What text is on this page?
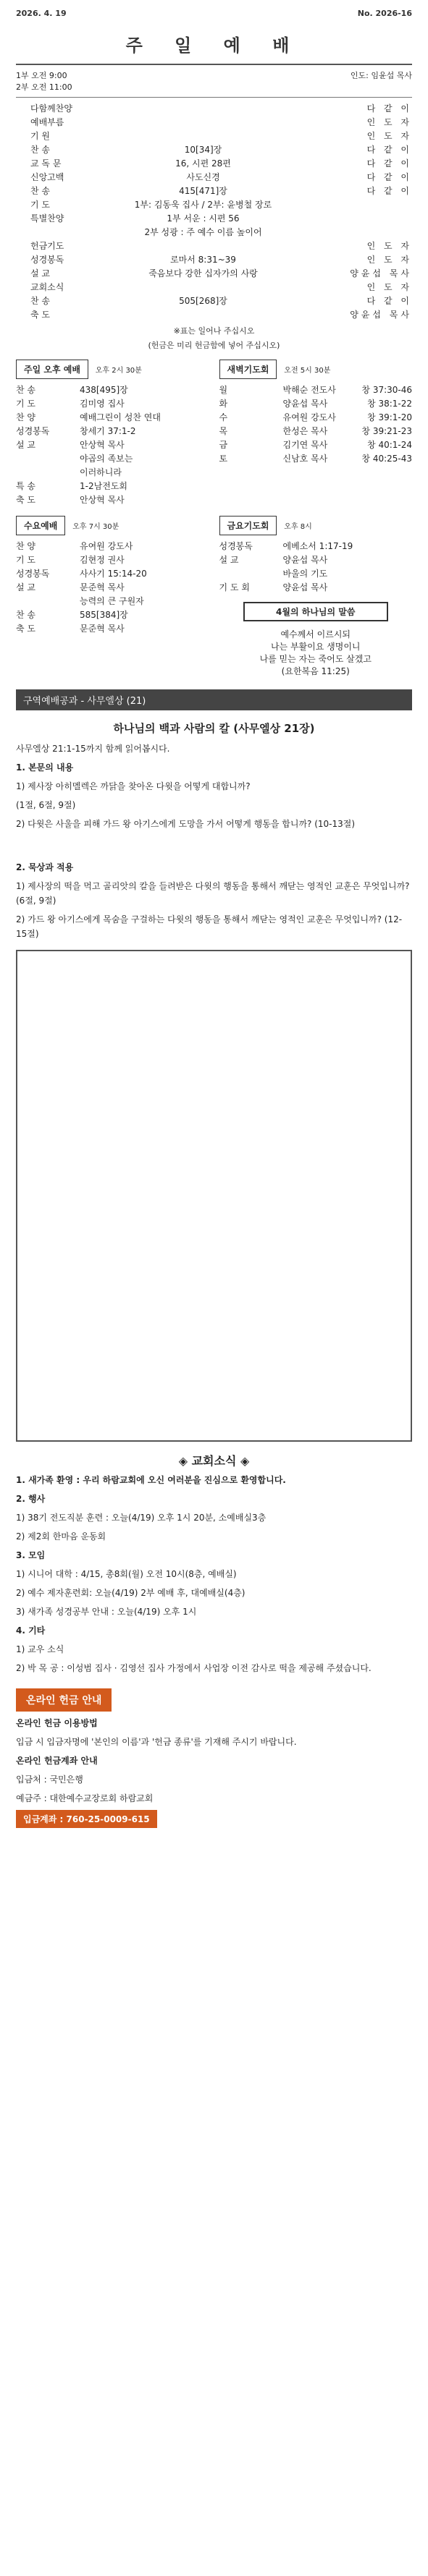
2026. 4. 19	No. 2026-16
주 일 예 배
1부 오전 9:00
2부 오전 11:00
인도: 임윤섭 목사
다함께찬양	다 같 이
예배부름	인 도 자
기 원	인 도 자
찬 송	10[34]장	다 같 이
교 독 문	16, 시편 28편	다 같 이
신앙고백	사도신경	다 같 이
찬 송	415[471]장	다 같 이
기 도	1부: 김동욱 집사 / 2부: 윤병철 장로
특별찬양	1부 서운 : 시편 56
2부 성광 : 주 예수 이름 높이어
헌금기도	인 도 자
성경봉독	로마서 8:31~39	인 도 자
설 교	죽음보다 강한 십자가의 사랑	양윤섭 목사
교회소식	인 도 자
찬 송	505[268]장	다 같 이
축 도	양윤섭 목사
※표는 일어나 주십시오
(헌금은 미리 헌금함에 넣어 주십시오)
주일 오후 예배 오후 2시 30분
찬 송	438[495]장
기 도	김미영 집사
찬 양	예배그린이 성찬 연대
성경봉독	창세기 37:1-2
설 교	안상혁 목사
야곱의 족보는
이러하니라
특 송	1-2남전도회
축 도	안상혁 목사
새벽기도회 오전 5시 30분
월	박해순 전도사	창 37:30-46
화	양윤섭 목사	창 38:1-22
수	유여원 강도사	창 39:1-20
목	한성은 목사	창 39:21-23
금	김기연 목사	창 40:1-24
토	신남호 목사	창 40:25-43
수요예배 오후 7시 30분
찬 양	유여원 강도사
기 도	김현정 권사
성경봉독	사사기 15:14-20
설 교	문준혁 목사
능력의 큰 구원자
찬 송	585[384]장
축 도	문준혁 목사
금요기도회 오후 8시
성경봉독	에베소서 1:17-19
설 교	양윤섭 목사
바울의 기도
기 도 회	양윤섭 목사
4월의 하나님의 말씀
예수께서 이르시되
나는 부활이요 생명이니
나를 믿는 자는 죽어도 살겠고
(요한복음 11:25)
구역예배공과 - 사무엘상 (21)
하나님의 백과 사람의 칼 (사무엘상 21장)

사무엘상 21:1-15까지 함께 읽어봅시다.

1. 본문의 내용

1) 제사장 아히멜렉은 까닭을 찾아온 다윗을 어떻게 대합니까?

(1절, 6절, 9절)

2) 다윗은 사울을 피해 가드 왕 아기스에게 도망을 가서 어떻게 행동을 합니까? (10-13절)

2. 묵상과 적용

1) 제사장의 떡을 먹고 골리앗의 칼을 들려받은 다윗의 행동을 통해서 깨닫는 영적인 교훈은 무엇입니까? (6절, 9절)

2) 가드 왕 아기스에게 목숨을 구걸하는 다윗의 행동을 통해서 깨닫는 영적인 교훈은 무엇입니까? (12-15절)

◈ 교회소식 ◈

1. 새가족 환영 : 우리 하람교회에 오신 여러분을 진심으로 환영합니다.

2. 행사

1) 38기 전도직분 훈련 : 오늘(4/19) 오후 1시 20분, 소예배실3층

2) 제2회 한마음 운동회

3. 모임

1) 시니어 대학 : 4/15, 총8회(월) 오전 10시(8층, 예배실)

2) 예수 제자훈련회: 오늘(4/19) 2부 예배 후, 대예배실(4층)

3) 새가족 성경공부 안내 : 오늘(4/19) 오후 1시

4. 기타

1) 교우 소식

2) 박 목 공 : 이성범 집사 · 김영선 집사 가정에서 사업장 이전 감사로 떡을 제공해 주셨습니다.

온라인 헌금 안내

온라인 헌금 이용방법

입금 시 입금자명에 '본인의 이름'과 '헌금 종류'를 기재해 주시기 바랍니다.

온라인 헌금계좌 안내

입금처 : 국민은행

예금주 : 대한예수교장로회 하람교회

입금계좌 : 760-25-0009-615
